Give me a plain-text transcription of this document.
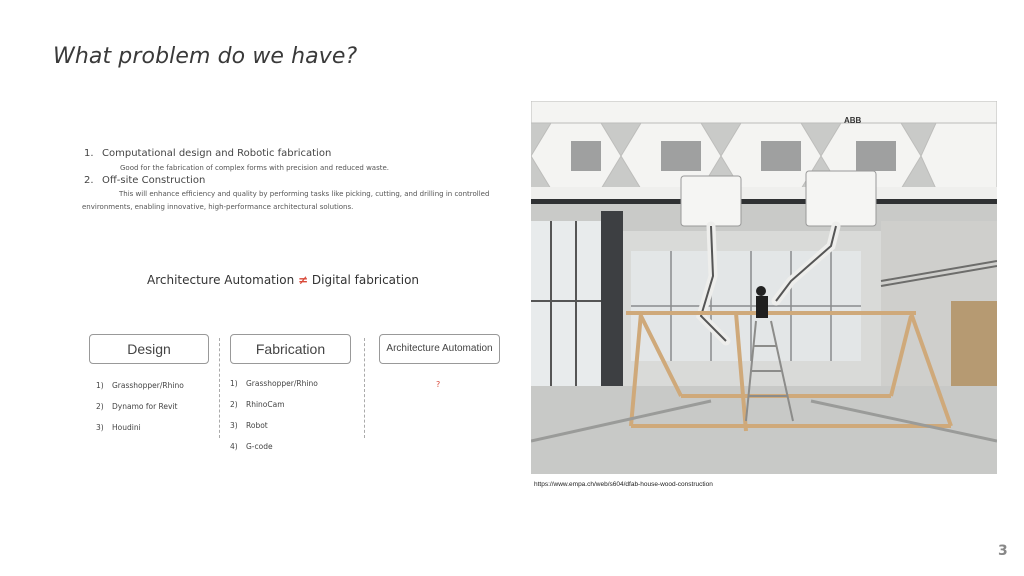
What problem do we have?
1. Computational design and Robotic fabrication
Good for the fabrication of complex forms with precision and reduced waste.
2. Off-site Construction
This will enhance efficiency and quality by performing tasks like picking, cutting, and drilling in controlled environments, enabling innovative, high-performance architectural solutions.
Architecture Automation ≠ Digital fabrication
Design	Fabrication	Architecture Automation
1) Grasshopper/Rhino
2) Dynamo for Revit
3) Houdini
1) Grasshopper/Rhino
2) RhinoCam
3) Robot
4) G-code
?
ABB
https://www.empa.ch/web/s604/dfab-house-wood-construction
3
